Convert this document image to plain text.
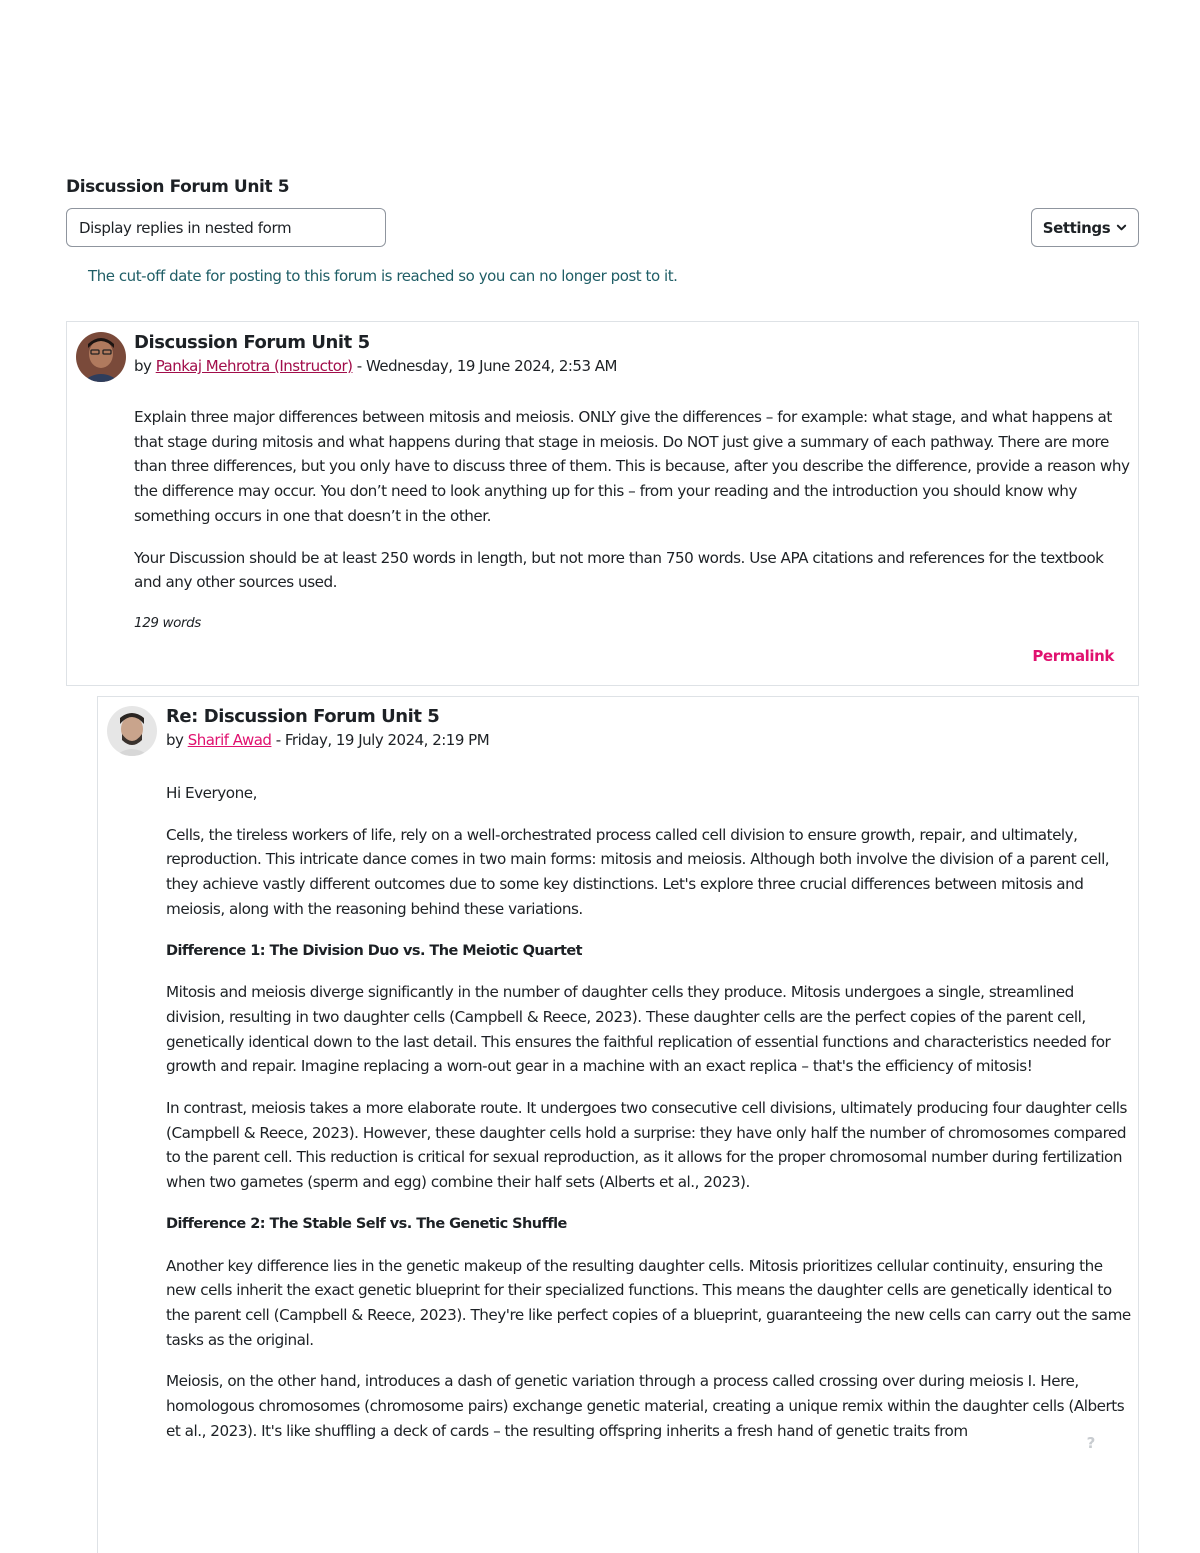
Discussion Forum Unit 5
Display replies in nested form	Settings
The cut-off date for posting to this forum is reached so you can no longer post to it.
Discussion Forum Unit 5
by Pankaj Mehrotra (Instructor) - Wednesday, 19 June 2024, 2:53 AM

Explain three major differences between mitosis and meiosis. ONLY give the differences – for example: what stage, and what happens at that stage during mitosis and what happens during that stage in meiosis. Do NOT just give a summary of each pathway. There are more than three differences, but you only have to discuss three of them. This is because, after you describe the difference, provide a reason why the difference may occur. You don’t need to look anything up for this – from your reading and the introduction you should know why something occurs in one that doesn’t in the other.

Your Discussion should be at least 250 words in length, but not more than 750 words. Use APA citations and references for the textbook and any other sources used.

129 words
Permalink
Re: Discussion Forum Unit 5
by Sharif Awad - Friday, 19 July 2024, 2:19 PM

Hi Everyone,

Cells, the tireless workers of life, rely on a well-orchestrated process called cell division to ensure growth, repair, and ultimately, reproduction. This intricate dance comes in two main forms: mitosis and meiosis. Although both involve the division of a parent cell, they achieve vastly different outcomes due to some key distinctions. Let's explore three crucial differences between mitosis and meiosis, along with the reasoning behind these variations.

Difference 1: The Division Duo vs. The Meiotic Quartet

Mitosis and meiosis diverge significantly in the number of daughter cells they produce. Mitosis undergoes a single, streamlined division, resulting in two daughter cells (Campbell & Reece, 2023). These daughter cells are the perfect copies of the parent cell, genetically identical down to the last detail. This ensures the faithful replication of essential functions and characteristics needed for growth and repair. Imagine replacing a worn-out gear in a machine with an exact replica – that's the efficiency of mitosis!

In contrast, meiosis takes a more elaborate route. It undergoes two consecutive cell divisions, ultimately producing four daughter cells (Campbell & Reece, 2023). However, these daughter cells hold a surprise: they have only half the number of chromosomes compared to the parent cell. This reduction is critical for sexual reproduction, as it allows for the proper chromosomal number during fertilization when two gametes (sperm and egg) combine their half sets (Alberts et al., 2023).

Difference 2: The Stable Self vs. The Genetic Shuffle

Another key difference lies in the genetic makeup of the resulting daughter cells. Mitosis prioritizes cellular continuity, ensuring the new cells inherit the exact genetic blueprint for their specialized functions. This means the daughter cells are genetically identical to the parent cell (Campbell & Reece, 2023). They're like perfect copies of a blueprint, guaranteeing the new cells can carry out the same tasks as the original.

Meiosis, on the other hand, introduces a dash of genetic variation through a process called crossing over during meiosis I. Here, homologous chromosomes (chromosome pairs) exchange genetic material, creating a unique remix within the daughter cells (Alberts et al., 2023). It's like shuffling a deck of cards – the resulting offspring inherits a fresh hand of genetic traits from

?
